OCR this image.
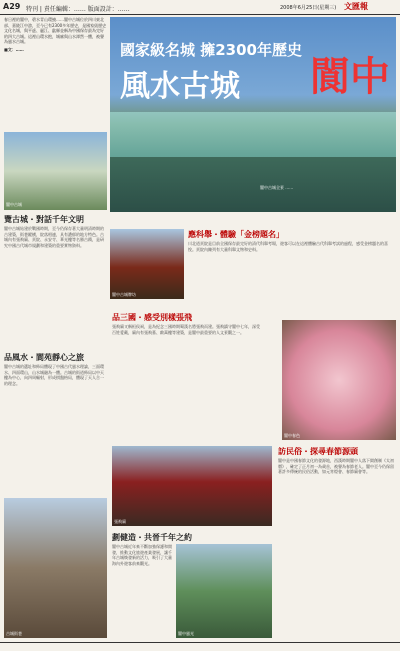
A29 特刊 | 責任編輯：…… 版面設計：……	2008年6月25日(星期三) 文匯報
春日裡的閬中，碧水青山環繞……閬中古城位於四川東北部、嘉陵江中游，至今已有2300多年歷史，是國家級歷史文化名城，與平遙、麗江、歙縣並稱為中國保存最為完好的四大古城。這裡山環水抱，城廓與山水渾然一體，被譽為風水古城。
■文：……	國家級名城 擁2300年歷史
風水古城 閬中
閬中古城全景 ……
閬中古城
覽古城・對話千年文明
閬中古城始建於戰國時期，至今仍保存著大量明清時期的古建築，街巷縱橫，院落相連，具有濃郁的地方特色。古城內有張飛廟、貢院、永安寺、華光樓等名勝古蹟，是研究中國古代城市規劃和建築的重要實物資料。
閬中古城牌坊
應科舉・體驗「金榜題名」
川北道貢院是目前全國保存最完好的清代科舉考場，遊客可以在這裡體驗古代科舉考試的過程，感受金榜題名的喜悅。貢院內陳列有大量科舉文物和史料。
品風水・閬苑靜心之旅
閬中古城的選址和佈局體現了中國古代風水理論，三面環水、四面環山，山水城融為一體。古城的街道佈局以中天樓為中心，向四周輻射，形成棋盤格局，體現了天人合一的理念。
品三國・感受別樣張飛
張飛廟又稱桓侯祠，是為紀念三國時期蜀漢名將張飛而建。張飛鎮守閬中七年，深受百姓愛戴，廟內有張飛墓、敵萬樓等建築，是閬中最重要的人文景觀之一。
閬中春色
古城街巷
張飛廟
訪民俗・探尋春節源頭
閬中是中國春節文化的發源地，西漢時期閬中人落下閎創制《太初曆》，確定了正月初一為歲首，被譽為春節老人。閬中至今仍保留著許多傳統的民俗活動，如元宵燈會、春節廟會等。
劃健造・共晉千年之約
閬中古城近年來不斷加強保護和開發，推動文化旅遊產業發展，讓千年古城煥發新的活力，吸引了大量海內外遊客前來觀光。
閬中風光
